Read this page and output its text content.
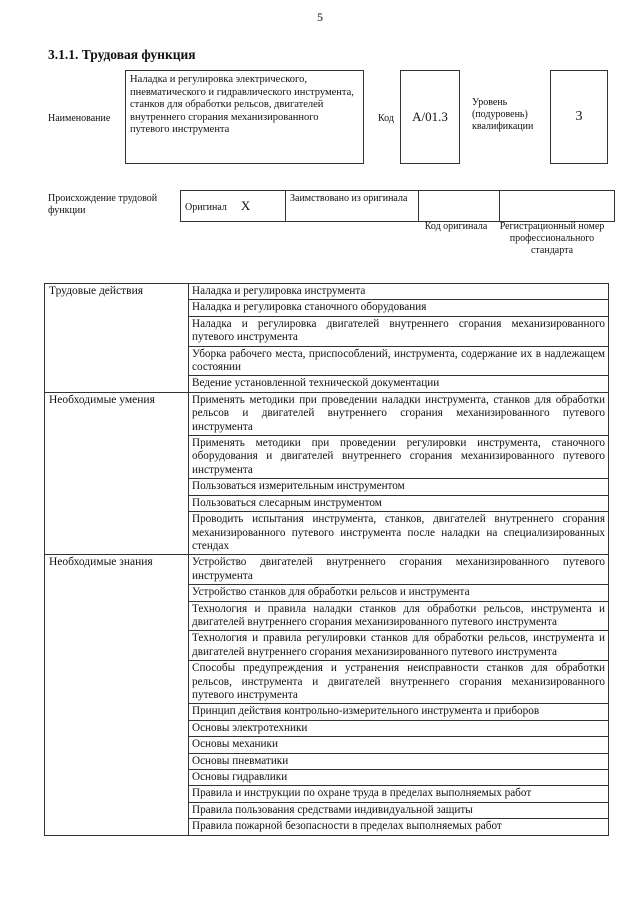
5
3.1.1. Трудовая функция
Наименование
Наладка и регулировка электрического, пневматического и гидравлического инструмента, станков для обработки рельсов, двигателей внутреннего сгорания механизированного путевого инструмента
Код	A/01.3
Уровень (подуровень) квалификации
3
Происхождение трудовой функции	Оригинал X	Заимствовано из оригинала		
Код оригинала Регистрационный номер профессионального стандарта
Трудовые действия	Наладка и регулировка инструмента
	Наладка и регулировка станочного оборудования
	Наладка и регулировка двигателей внутреннего сгорания механизированного путевого инструмента
	Уборка рабочего места, приспособлений, инструмента, содержание их в надлежащем состоянии
	Ведение установленной технической документации
Необходимые умения	Применять методики при проведении наладки инструмента, станков для обработки рельсов и двигателей внутреннего сгорания механизированного путевого инструмента
	Применять методики при проведении регулировки инструмента, станочного оборудования и двигателей внутреннего сгорания механизированного путевого инструмента
	Пользоваться измерительным инструментом
	Пользоваться слесарным инструментом
	Проводить испытания инструмента, станков, двигателей внутреннего сгорания механизированного путевого инструмента после наладки на специализированных стендах
Необходимые знания	Устройство двигателей внутреннего сгорания механизированного путевого инструмента
	Устройство станков для обработки рельсов и инструмента
	Технология и правила наладки станков для обработки рельсов, инструмента и двигателей внутреннего сгорания механизированного путевого инструмента
	Технология и правила регулировки станков для обработки рельсов, инструмента и двигателей внутреннего сгорания механизированного путевого инструмента
	Способы предупреждения и устранения неисправности станков для обработки рельсов, инструмента и двигателей внутреннего сгорания механизированного путевого инструмента
	Принцип действия контрольно-измерительного инструмента и приборов
	Основы электротехники
	Основы механики
	Основы пневматики
	Основы гидравлики
	Правила и инструкции по охране труда в пределах выполняемых работ
	Правила пользования средствами индивидуальной защиты
	Правила пожарной безопасности в пределах выполняемых работ
